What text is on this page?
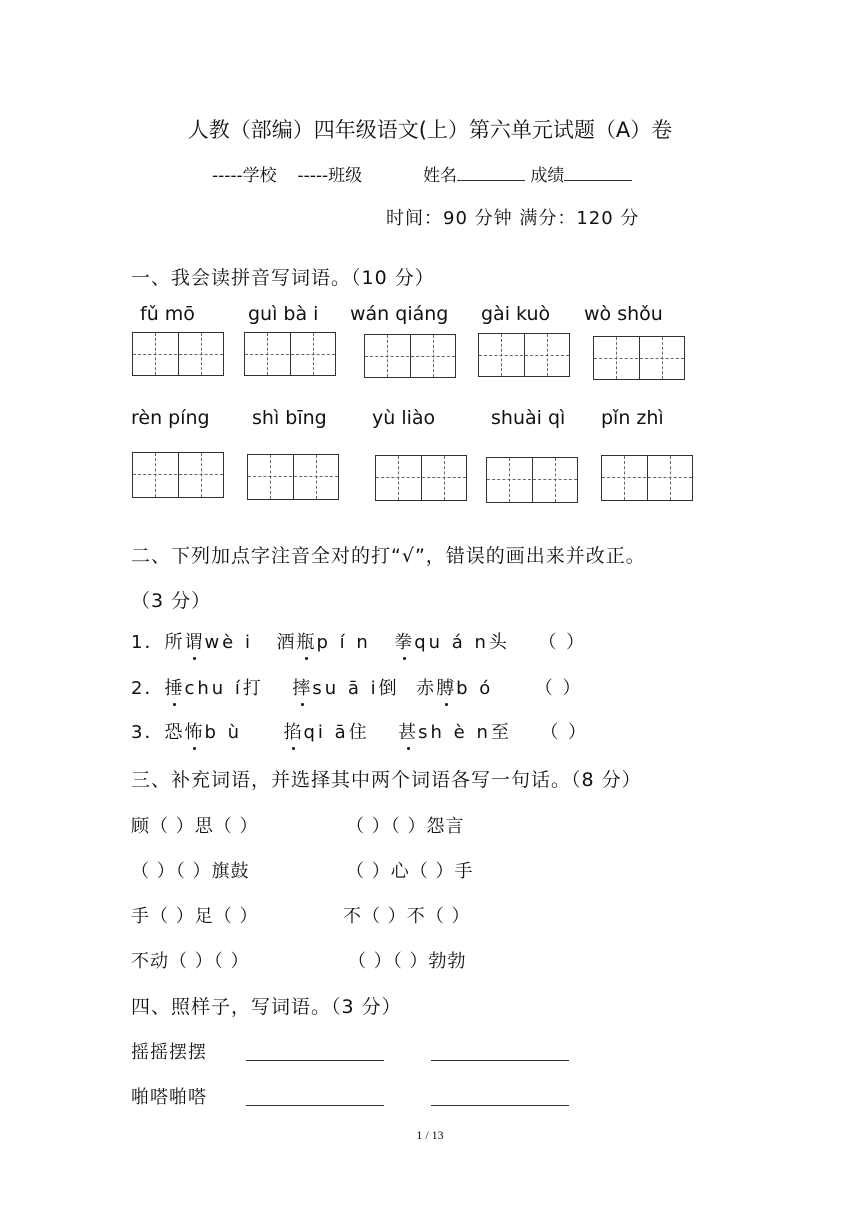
人教（部编）四年级语文(上）第六单元试题（A）卷
-----学校 -----班级	姓名	成绩
时间：90 分钟 满分：120 分
一、我会读拼音写词语。（10 分）
fǔ mō	guì bà i wán qiáng gài kuò wò shǒu
rèn píng shì bīng yù liào	shuài qì pǐn zhì
二、下列加点字注音全对的打“√”，错误的画出来并改正。
（3 分）
1．所谓wè i 酒瓶p í n 拳qu á n头 （ ）
2．捶chu í打 摔su ā i倒 赤膊b ó （ ）
3．恐怖b ù 掐qi ā住 甚sh è n至 （ ）
三、补充词语，并选择其中两个词语各写一句话。（8 分）
顾（ ）思（ ）	（ ）（ ）怨言
（ ）（ ）旗鼓	（ ）心（ ）手
手（ ）足（ ）	不（ ）不（ ）
不动（ ）（ ）	（ ）（ ）勃勃
四、照样子，写词语。（3 分）
摇摇摆摆
啪嗒啪嗒
1 / 13
